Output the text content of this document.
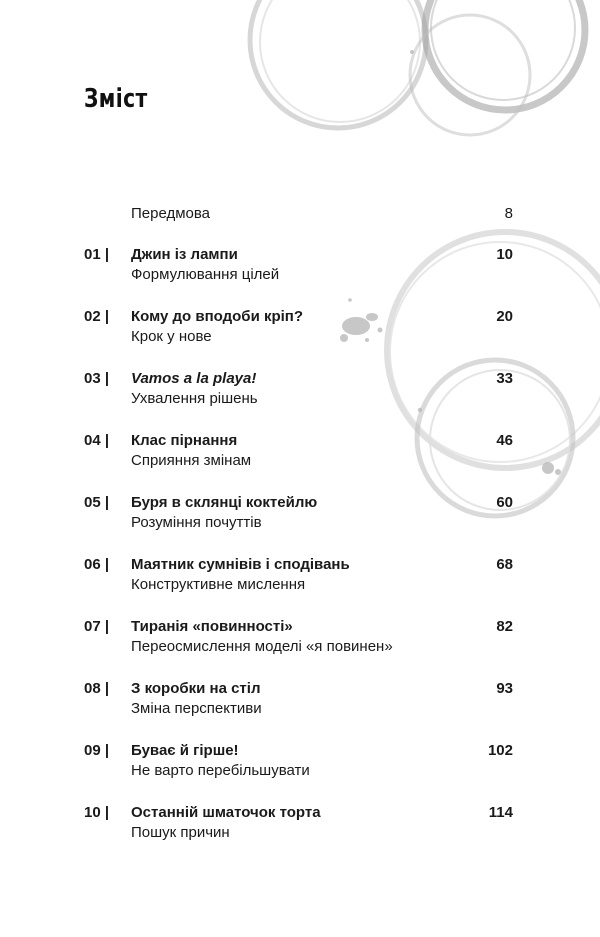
Зміст
Передмова	8
01 |	Джин із лампи	10
Формулювання цілей
02 |	Кому до вподоби кріп?	20
Крок у нове
03 |	Vamos a la playa!	33
Ухвалення рішень
04 |	Клас пірнання	46
Сприяння змінам
05 |	Буря в склянці коктейлю	60
Розуміння почуттів
06 |	Маятник сумнівів і сподівань	68
Конструктивне мислення
07 |	Тиранія «повинності»	82
Переосмислення моделі «я повинен»
08 |	З коробки на стіл	93
Зміна перспективи
09 |	Буває й гірше!	102
Не варто перебільшувати
10 |	Останній шматочок торта	114
Пошук причин
